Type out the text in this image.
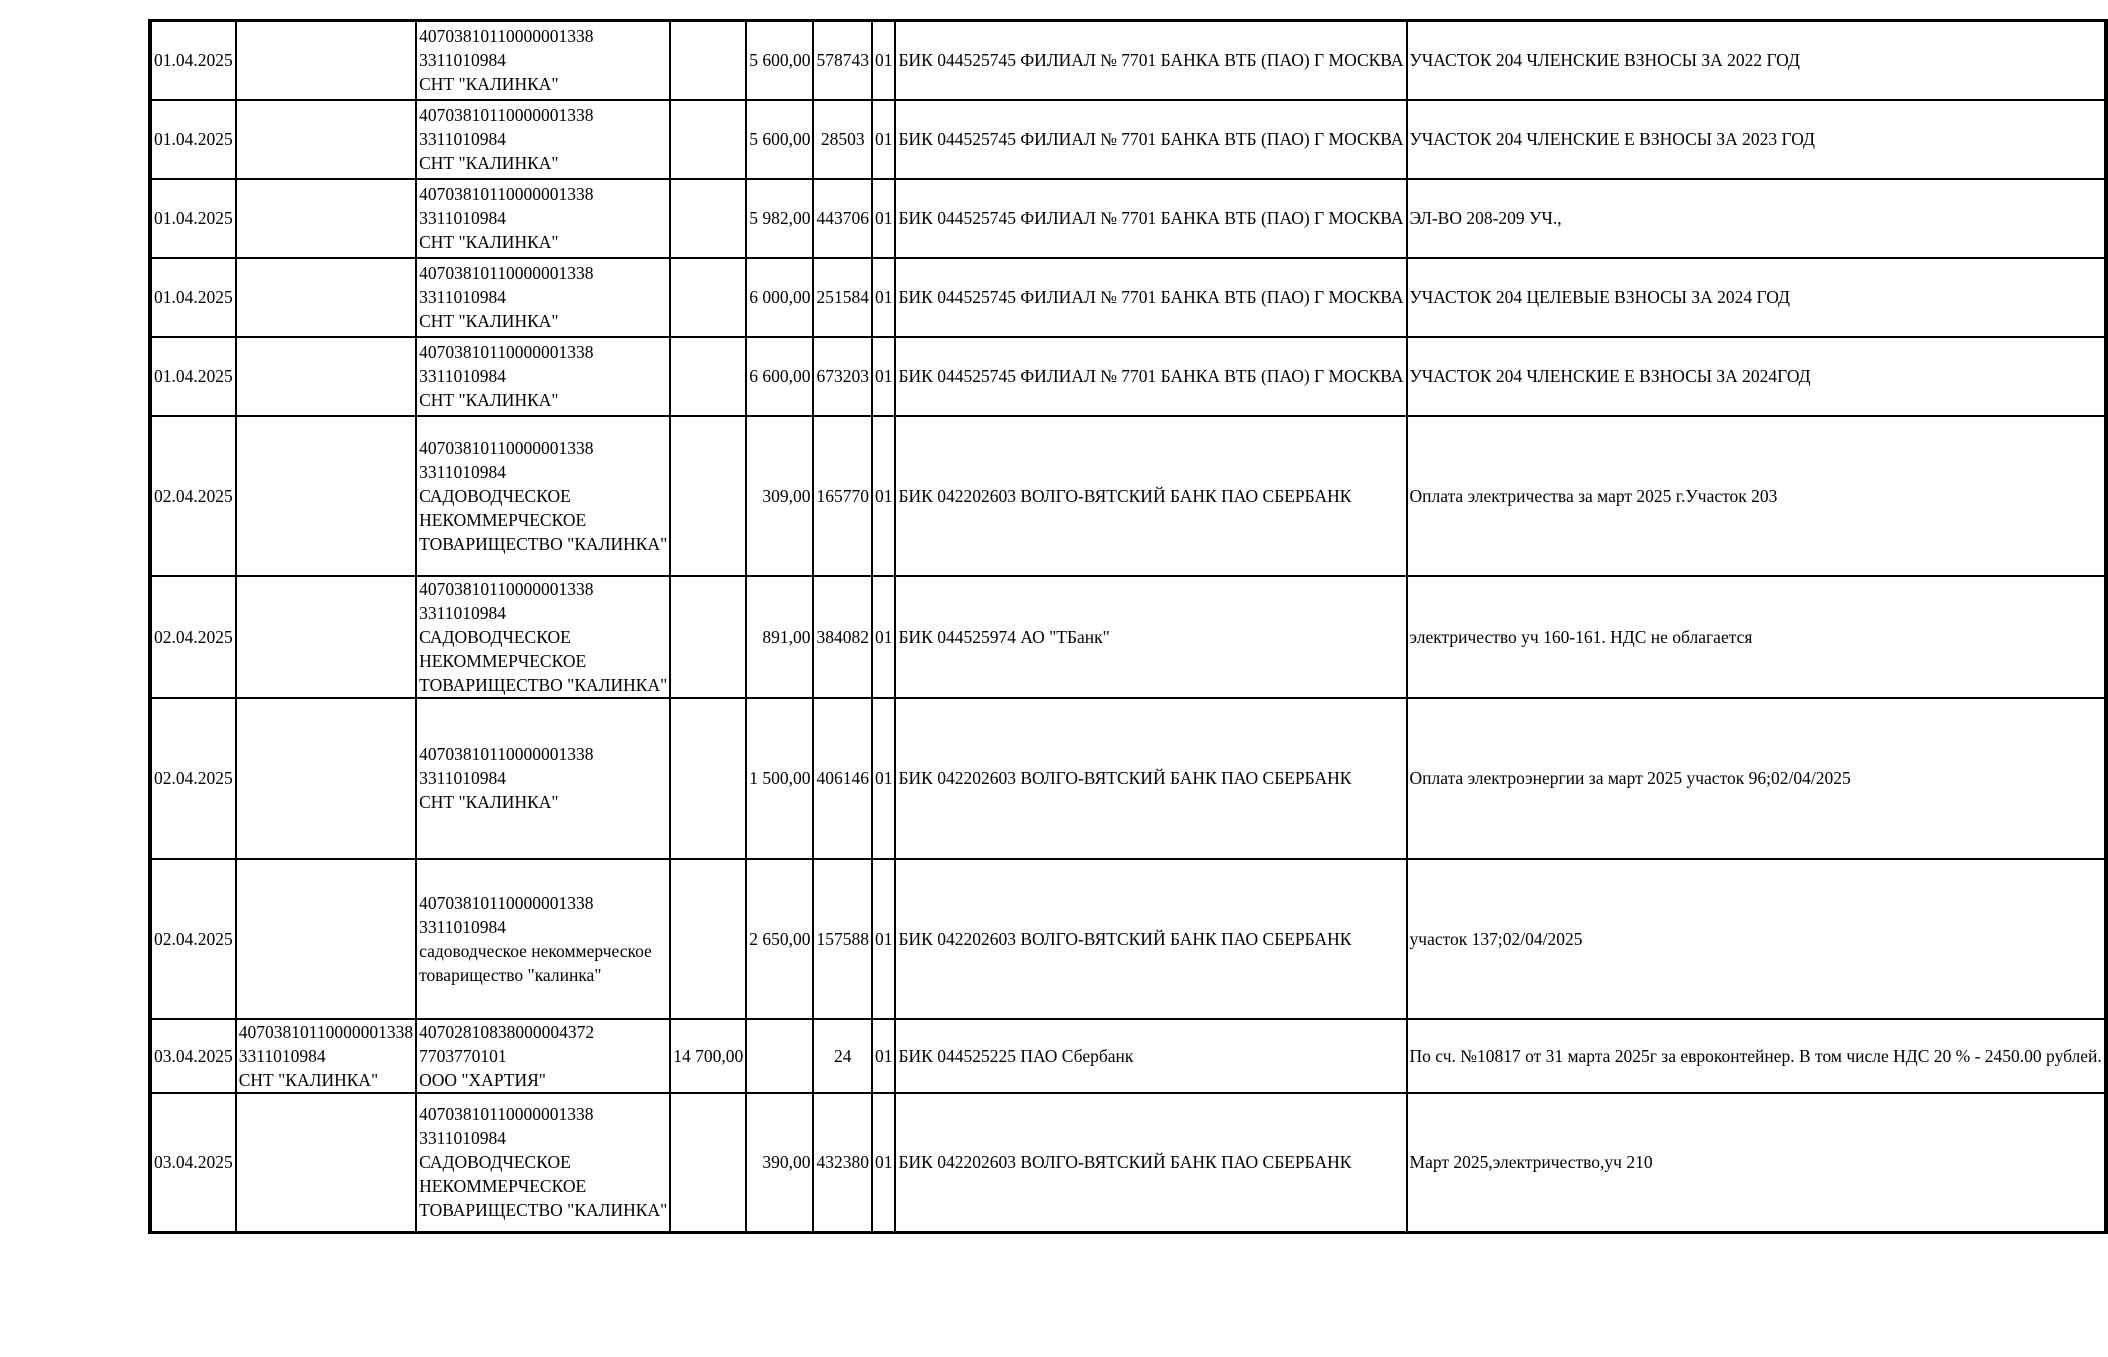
01.04.2025		40703810110000001338
3311010984
СНТ "КАЛИНКА"		5 600,00	578743	01	БИК 044525745 ФИЛИАЛ № 7701 БАНКА ВТБ (ПАО) Г МОСКВА	УЧАСТОК 204 ЧЛЕНСКИЕ ВЗНОСЫ ЗА 2022 ГОД
01.04.2025		40703810110000001338
3311010984
СНТ "КАЛИНКА"		5 600,00	28503	01	БИК 044525745 ФИЛИАЛ № 7701 БАНКА ВТБ (ПАО) Г МОСКВА	УЧАСТОК 204 ЧЛЕНСКИЕ Е ВЗНОСЫ ЗА 2023 ГОД
01.04.2025		40703810110000001338
3311010984
СНТ "КАЛИНКА"		5 982,00	443706	01	БИК 044525745 ФИЛИАЛ № 7701 БАНКА ВТБ (ПАО) Г МОСКВА	ЭЛ-ВО 208-209 УЧ.,
01.04.2025		40703810110000001338
3311010984
СНТ "КАЛИНКА"		6 000,00	251584	01	БИК 044525745 ФИЛИАЛ № 7701 БАНКА ВТБ (ПАО) Г МОСКВА	УЧАСТОК 204 ЦЕЛЕВЫЕ ВЗНОСЫ ЗА 2024 ГОД
01.04.2025		40703810110000001338
3311010984
СНТ "КАЛИНКА"		6 600,00	673203	01	БИК 044525745 ФИЛИАЛ № 7701 БАНКА ВТБ (ПАО) Г МОСКВА	УЧАСТОК 204 ЧЛЕНСКИЕ Е ВЗНОСЫ ЗА 2024ГОД
02.04.2025		40703810110000001338
3311010984
САДОВОДЧЕСКОЕ
НЕКОММЕРЧЕСКОЕ
ТОВАРИЩЕСТВО "КАЛИНКА"		309,00	165770	01	БИК 042202603 ВОЛГО-ВЯТСКИЙ БАНК ПАО СБЕРБАНК	Оплата электричества за март 2025 г.Участок 203
02.04.2025		40703810110000001338
3311010984
САДОВОДЧЕСКОЕ
НЕКОММЕРЧЕСКОЕ
ТОВАРИЩЕСТВО "КАЛИНКА"		891,00	384082	01	БИК 044525974 АО "ТБанк"	электричество уч 160-161. НДС не облагается
02.04.2025		40703810110000001338
3311010984
СНТ "КАЛИНКА"		1 500,00	406146	01	БИК 042202603 ВОЛГО-ВЯТСКИЙ БАНК ПАО СБЕРБАНК	Оплата электроэнергии за март 2025 участок 96;02/04/2025
02.04.2025		40703810110000001338
3311010984
садоводческое некоммерческое
товарищество "калинка"		2 650,00	157588	01	БИК 042202603 ВОЛГО-ВЯТСКИЙ БАНК ПАО СБЕРБАНК	участок 137;02/04/2025
03.04.2025	40703810110000001338
3311010984
СНТ "КАЛИНКА"	40702810838000004372
7703770101
ООО "ХАРТИЯ"	14 700,00		24	01	БИК 044525225 ПАО Сбербанк	По сч. №10817 от 31 марта 2025г за евроконтейнер. В том числе НДС 20 % - 2450.00 рублей.
03.04.2025		40703810110000001338
3311010984
САДОВОДЧЕСКОЕ
НЕКОММЕРЧЕСКОЕ
ТОВАРИЩЕСТВО "КАЛИНКА"		390,00	432380	01	БИК 042202603 ВОЛГО-ВЯТСКИЙ БАНК ПАО СБЕРБАНК	Март 2025,электричество,уч 210
